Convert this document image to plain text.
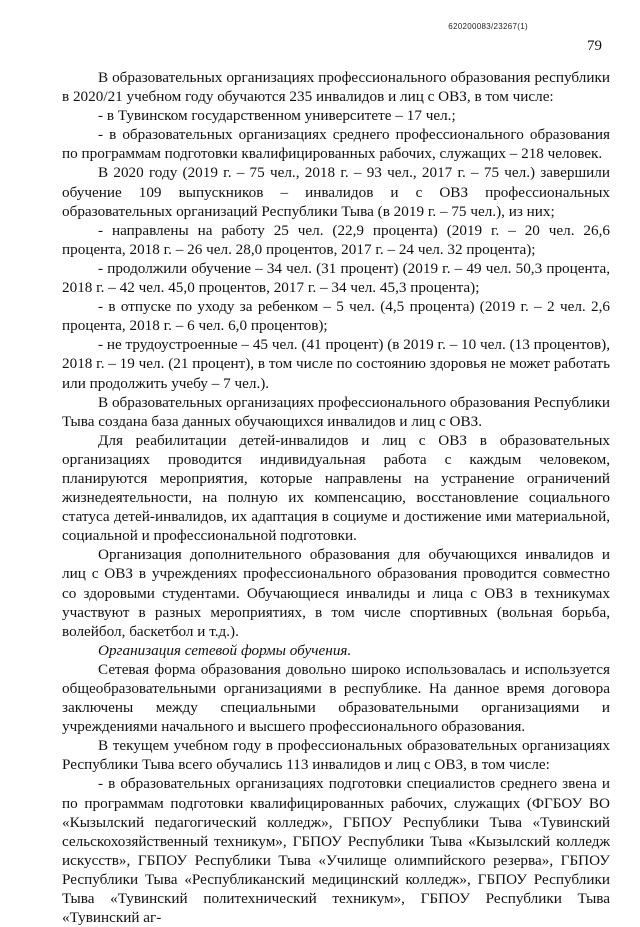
620200083/23267(1)
79

В образовательных организациях профессионального образования республики в 2020/21 учебном году обучаются 235 инвалидов и лиц с ОВЗ, в том числе:

- в Тувинском государственном университете – 17 чел.;

- в образовательных организациях среднего профессионального образования по программам подготовки квалифицированных рабочих, служащих – 218 человек.

В 2020 году (2019 г. – 75 чел., 2018 г. – 93 чел., 2017 г. – 75 чел.) завершили обучение 109 выпускников – инвалидов и с ОВЗ профессиональных образовательных организаций Республики Тыва (в 2019 г. – 75 чел.), из них;

- направлены на работу 25 чел. (22,9 процента) (2019 г. – 20 чел. 26,6 процента, 2018 г. – 26 чел. 28,0 процентов, 2017 г. – 24 чел. 32 процента);

- продолжили обучение – 34 чел. (31 процент) (2019 г. – 49 чел. 50,3 процента, 2018 г. – 42 чел. 45,0 процентов, 2017 г. – 34 чел. 45,3 процента);

- в отпуске по уходу за ребенком – 5 чел. (4,5 процента) (2019 г. – 2 чел. 2,6 процента, 2018 г. – 6 чел. 6,0 процентов);

- не трудоустроенные – 45 чел. (41 процент) (в 2019 г. – 10 чел. (13 процентов), 2018 г. – 19 чел. (21 процент), в том числе по состоянию здоровья не может работать или продолжить учебу – 7 чел.).

В образовательных организациях профессионального образования Республики Тыва создана база данных обучающихся инвалидов и лиц с ОВЗ.

Для реабилитации детей-инвалидов и лиц с ОВЗ в образовательных организациях проводится индивидуальная работа с каждым человеком, планируются мероприятия, которые направлены на устранение ограничений жизнедеятельности, на полную их компенсацию, восстановление социального статуса детей-инвалидов, их адаптация в социуме и достижение ими материальной, социальной и профессиональной подготовки.

Организация дополнительного образования для обучающихся инвалидов и лиц с ОВЗ в учреждениях профессионального образования проводится совместно со здоровыми студентами. Обучающиеся инвалиды и лица с ОВЗ в техникумах участвуют в разных мероприятиях, в том числе спортивных (вольная борьба, волейбол, баскетбол и т.д.).

Организация сетевой формы обучения.

Сетевая форма образования довольно широко использовалась и используется общеобразовательными организациями в республике. На данное время договора заключены между специальными образовательными организациями и учреждениями начального и высшего профессионального образования.

В текущем учебном году в профессиональных образовательных организациях Республики Тыва всего обучались 113 инвалидов и лиц с ОВЗ, в том числе:

- в образовательных организациях подготовки специалистов среднего звена и по программам подготовки квалифицированных рабочих, служащих (ФГБОУ ВО «Кызылский педагогический колледж», ГБПОУ Республики Тыва «Тувинский сельскохозяйственный техникум», ГБПОУ Республики Тыва «Кызылский колледж искусств», ГБПОУ Республики Тыва «Училище олимпийского резерва», ГБПОУ Республики Тыва «Республиканский медицинский колледж», ГБПОУ Республики Тыва «Тувинский политехнический техникум», ГБПОУ Республики Тыва «Тувинский аг-
